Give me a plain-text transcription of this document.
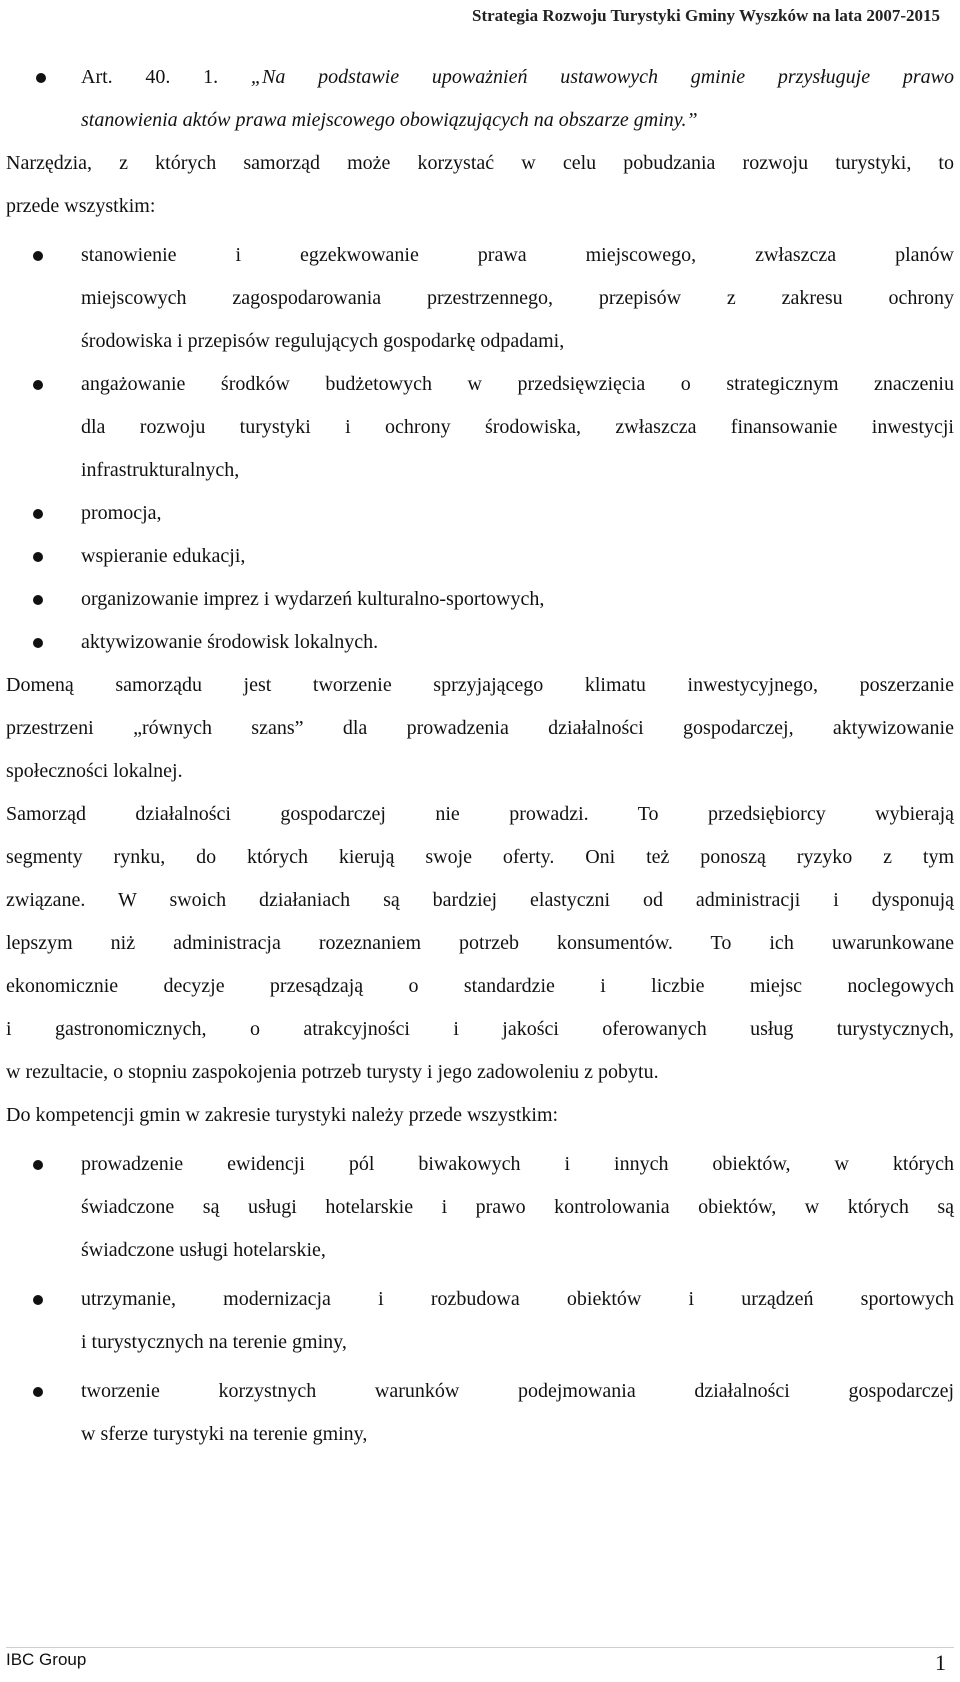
Strategia Rozwoju Turystyki Gminy Wyszków na lata 2007-2015
Art. 40. 1. „Na podstawie upoważnień ustawowych gminie przysługuje prawo
stanowienia aktów prawa miejscowego obowiązujących na obszarze gminy.”
Narzędzia, z których samorząd może korzystać w celu pobudzania rozwoju turystyki, to
przede wszystkim:
stanowienie i egzekwowanie prawa miejscowego, zwłaszcza planów
miejscowych zagospodarowania przestrzennego, przepisów z zakresu ochrony
środowiska i przepisów regulujących gospodarkę odpadami,
angażowanie środków budżetowych w przedsięwzięcia o strategicznym znaczeniu
dla rozwoju turystyki i ochrony środowiska, zwłaszcza finansowanie inwestycji
infrastrukturalnych,
promocja,
wspieranie edukacji,
organizowanie imprez i wydarzeń kulturalno-sportowych,
aktywizowanie środowisk lokalnych.
Domeną samorządu jest tworzenie sprzyjającego klimatu inwestycyjnego, poszerzanie
przestrzeni „równych szans” dla prowadzenia działalności gospodarczej, aktywizowanie
społeczności lokalnej.
Samorząd działalności gospodarczej nie prowadzi. To przedsiębiorcy wybierają
segmenty rynku, do których kierują swoje oferty. Oni też ponoszą ryzyko z tym
związane. W swoich działaniach są bardziej elastyczni od administracji i dysponują
lepszym niż administracja rozeznaniem potrzeb konsumentów. To ich uwarunkowane
ekonomicznie decyzje przesądzają o standardzie i liczbie miejsc noclegowych
i gastronomicznych, o atrakcyjności i jakości oferowanych usług turystycznych,
w rezultacie, o stopniu zaspokojenia potrzeb turysty i jego zadowoleniu z pobytu.
Do kompetencji gmin w zakresie turystyki należy przede wszystkim:
prowadzenie ewidencji pól biwakowych i innych obiektów, w których
świadczone są usługi hotelarskie i prawo kontrolowania obiektów, w których są
świadczone usługi hotelarskie,
utrzymanie, modernizacja i rozbudowa obiektów i urządzeń sportowych
i turystycznych na terenie gminy,
tworzenie korzystnych warunków podejmowania działalności gospodarczej
w sferze turystyki na terenie gminy,
IBC Group	1
